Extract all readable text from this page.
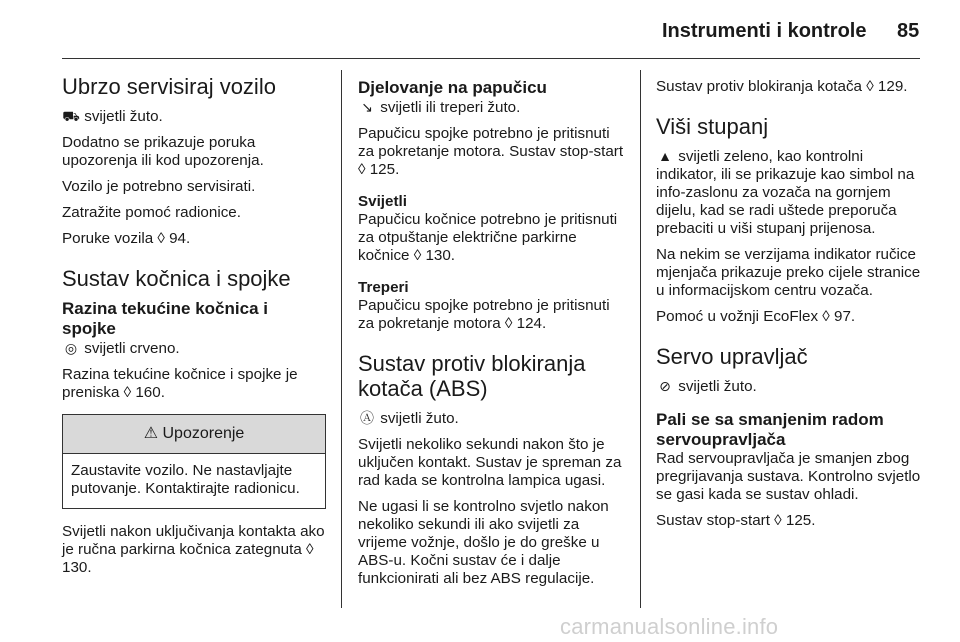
Instrumenti i kontrole 85
Ubrzo servisiraj vozilo

⛟ svijetli žuto.

Dodatno se prikazuje poruka upozorenja ili kod upozorenja.

Vozilo je potrebno servisirati.

Zatražite pomoć radionice.

Poruke vozila ◊ 94.

Sustav kočnica i spojke
Razina tekućine kočnica i spojke

◎ svijetli crveno.

Razina tekućine kočnice i spojke je preniska ◊ 160.

⚠ Upozorenje
Zaustavite vozilo. Ne nastavljajte putovanje. Kontaktirajte radionicu.

Svijetli nakon uključivanja kontakta ako je ručna parkirna kočnica zategnuta ◊ 130.

Djelovanje na papučicu

↘ svijetli ili treperi žuto.

Papučicu spojke potrebno je pritisnuti za pokretanje motora. Sustav stop-start ◊ 125.

Svijetli

Papučicu kočnice potrebno je pritisnuti za otpuštanje električne parkirne kočnice ◊ 130.

Treperi

Papučicu spojke potrebno je pritisnuti za pokretanje motora ◊ 124.

Sustav protiv blokiranja kotača (ABS)

Ⓐ svijetli žuto.

Svijetli nekoliko sekundi nakon što je uključen kontakt. Sustav je spreman za rad kada se kontrolna lampica ugasi.

Ne ugasi li se kontrolno svjetlo nakon nekoliko sekundi ili ako svijetli za vrijeme vožnje, došlo je do greške u ABS-u. Kočni sustav će i dalje funkcionirati ali bez ABS regulacije.

Sustav protiv blokiranja kotača ◊ 129.

Viši stupanj

▲ svijetli zeleno, kao kontrolni indikator, ili se prikazuje kao simbol na info-zaslonu za vozača na gornjem dijelu, kad se radi uštede preporuča prebaciti u viši stupanj prijenosa.

Na nekim se verzijama indikator ručice mjenjača prikazuje preko cijele stranice u informacijskom centru vozača.

Pomoć u vožnji EcoFlex ◊ 97.

Servo upravljač

⊘ svijetli žuto.

Pali se sa smanjenim radom servoupravljača

Rad servoupravljača je smanjen zbog pregrijavanja sustava. Kontrolno svjetlo se gasi kada se sustav ohladi.

Sustav stop-start ◊ 125.

carmanualsonline.info
